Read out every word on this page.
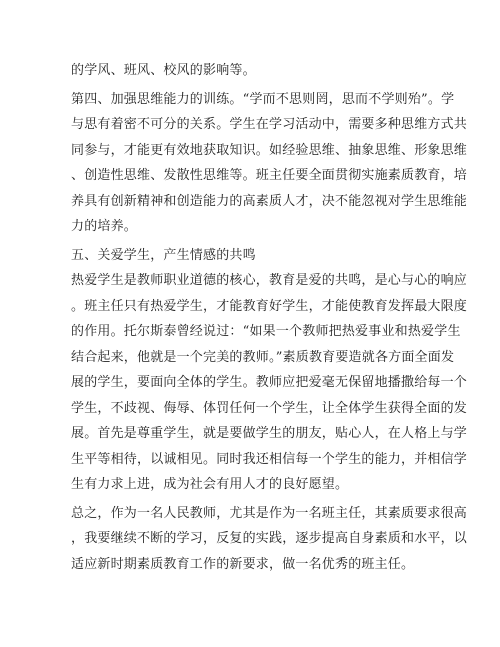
的学风、班风、校风的影响等。
第四、加强思维能力的训练。“学而不思则罔，思而不学则殆”。学
与思有着密不可分的关系。学生在学习活动中，需要多种思维方式共
同参与，才能更有效地获取知识。如经验思维、抽象思维、形象思维
、创造性思维、发散性思维等。班主任要全面贯彻实施素质教育，培
养具有创新精神和创造能力的高素质人才，决不能忽视对学生思维能
力的培养。
五、关爱学生，产生情感的共鸣
热爱学生是教师职业道德的核心，教育是爱的共鸣，是心与心的响应
。班主任只有热爱学生，才能教育好学生，才能使教育发挥最大限度
的作用。托尔斯泰曾经说过：“如果一个教师把热爱事业和热爱学生
结合起来，他就是一个完美的教师。”素质教育要造就各方面全面发
展的学生，要面向全体的学生。教师应把爱毫无保留地播撒给每一个
学生，不歧视、侮辱、体罚任何一个学生，让全体学生获得全面的发
展。首先是尊重学生，就是要做学生的朋友，贴心人，在人格上与学
生平等相待，以诚相见。同时我还相信每一个学生的能力，并相信学
生有力求上进，成为社会有用人才的良好愿望。
总之，作为一名人民教师，尤其是作为一名班主任，其素质要求很高
，我要继续不断的学习，反复的实践，逐步提高自身素质和水平，以
适应新时期素质教育工作的新要求，做一名优秀的班主任。
